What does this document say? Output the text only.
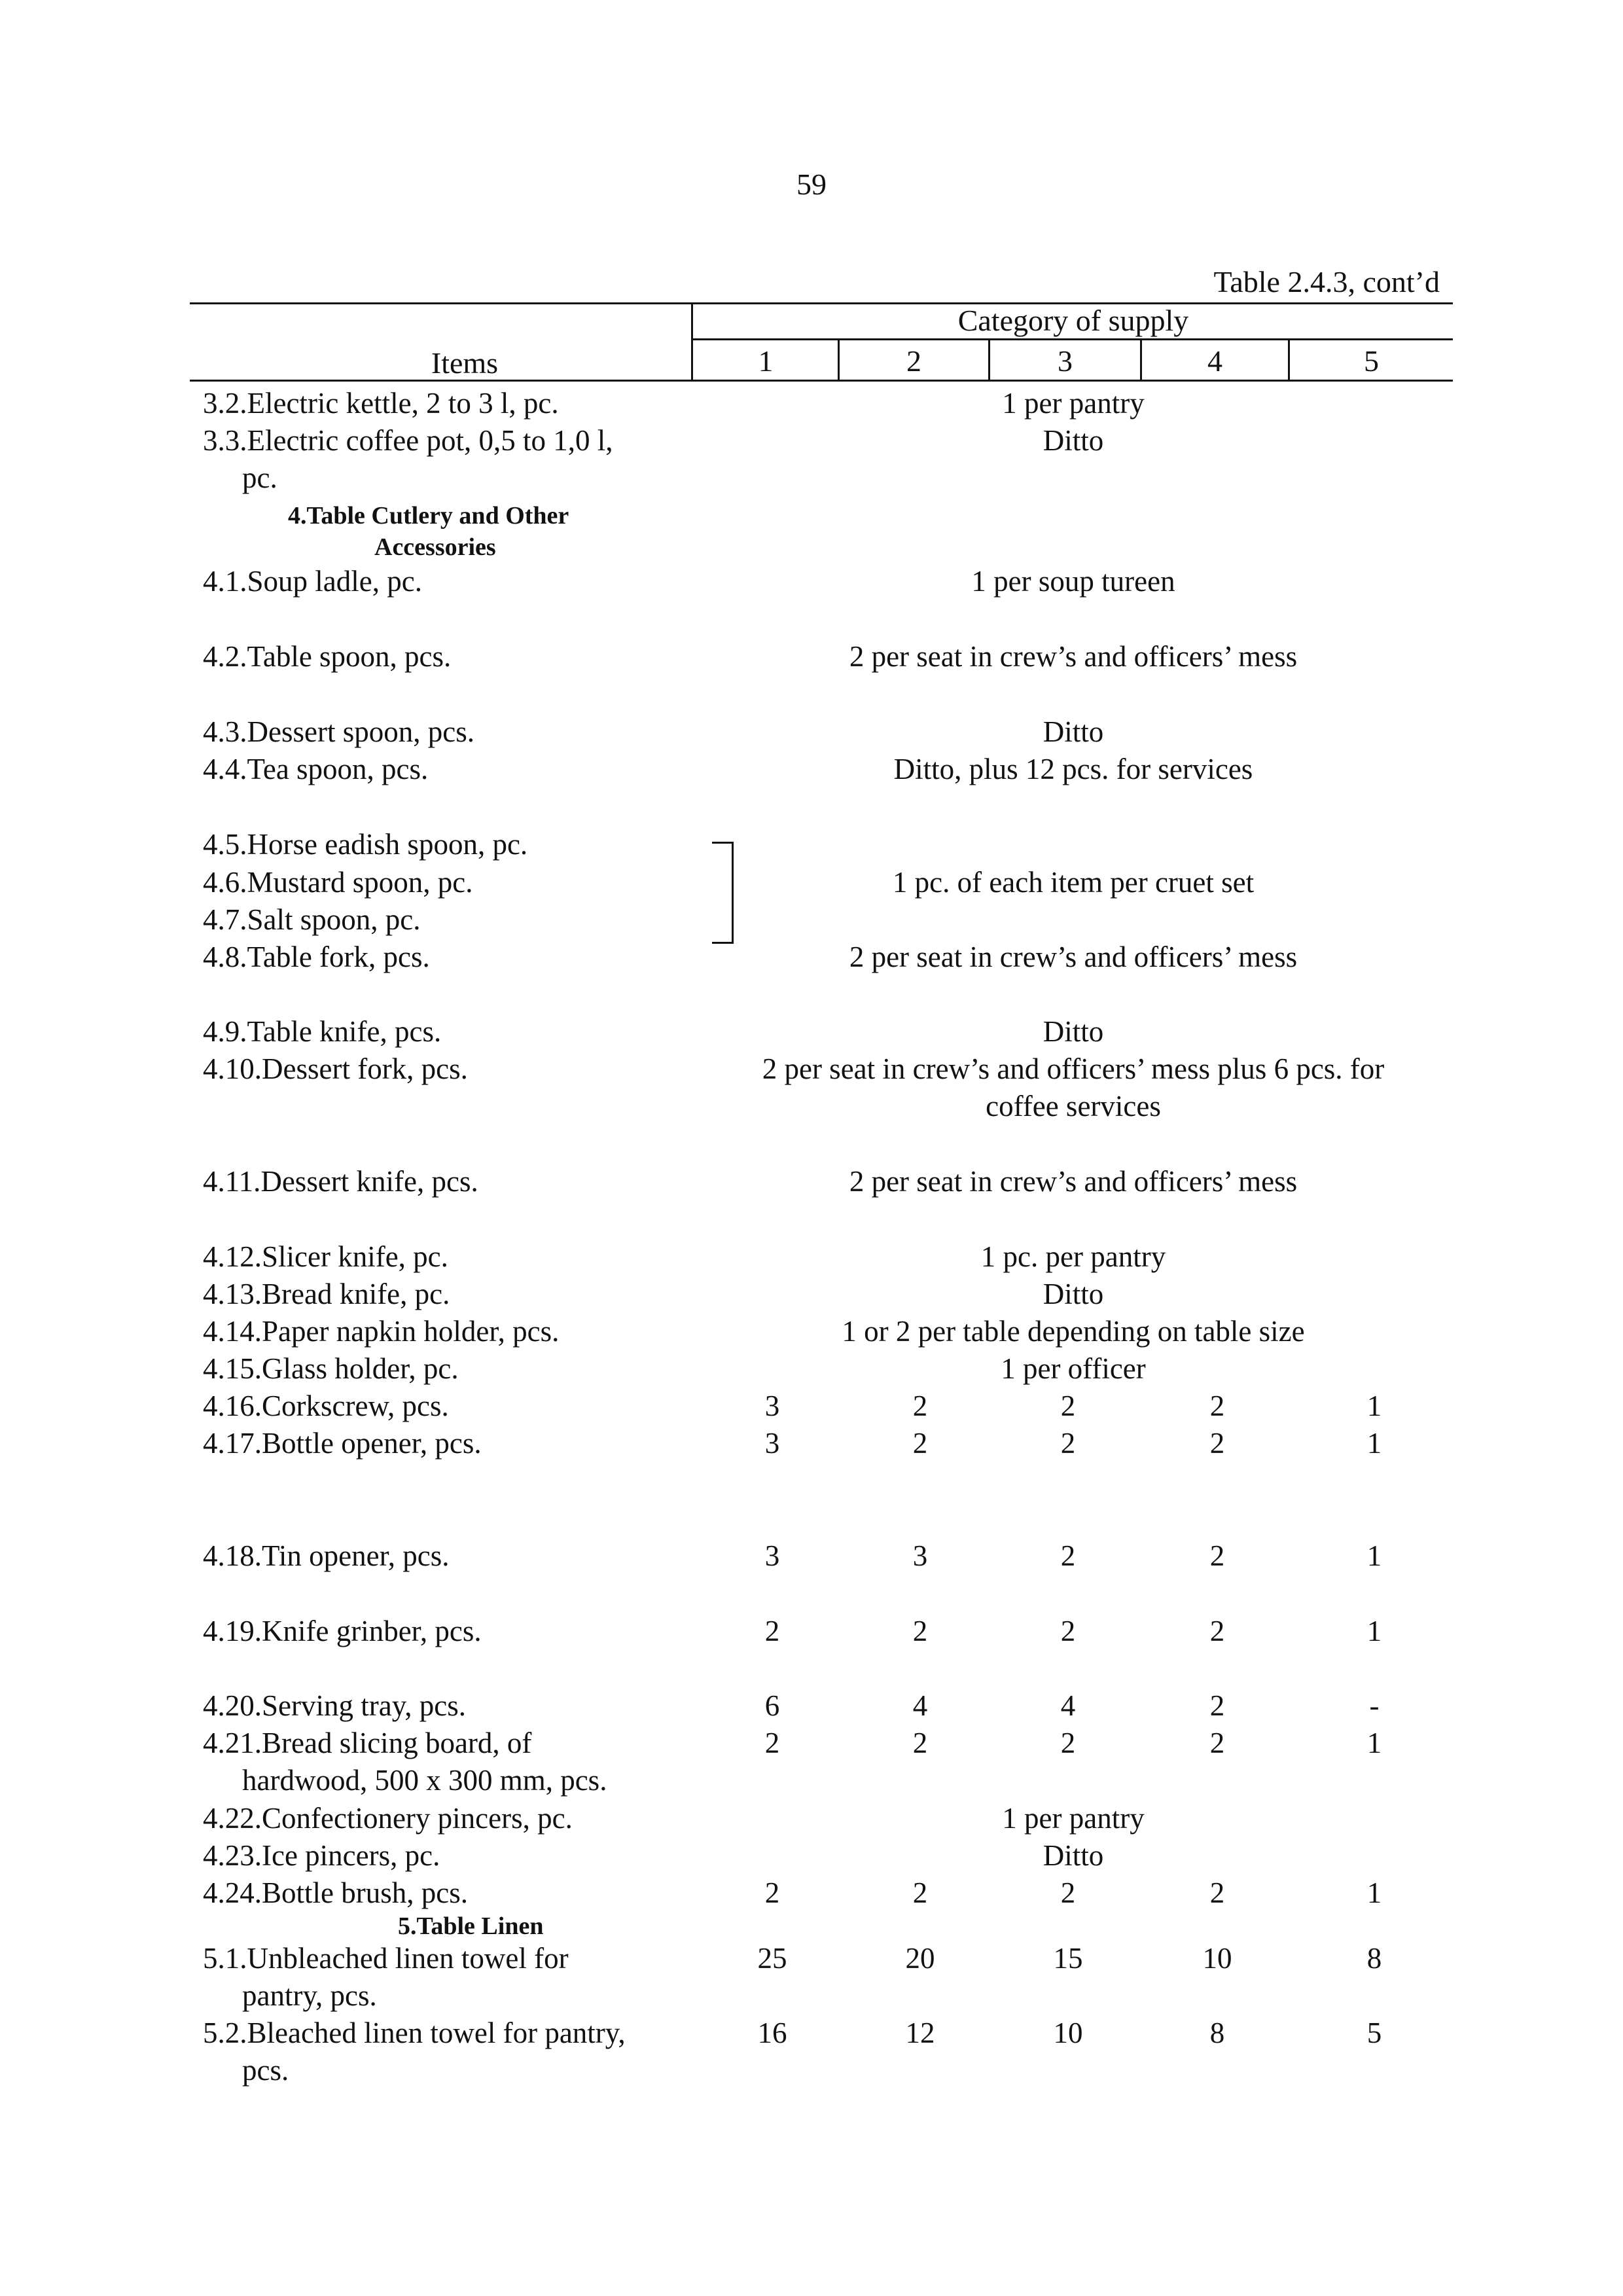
59
Table 2.4.3, cont’d
Items
Category of supply
1	2	3	4	5
3.2.Electric kettle, 2 to 3 l, pc.	1 per pantry
3.3.Electric coffee pot, 0,5 to 1,0 l,
pc.
Ditto
4.Table Cutlery and Other
Accessories
4.1.Soup ladle, pc.	1 per soup tureen
4.2.Table spoon, pcs.	2 per seat in crew’s and officers’ mess
4.3.Dessert spoon, pcs.	Ditto
4.4.Tea spoon, pcs.	Ditto, plus 12 pcs. for services
4.5.Horse eadish spoon, pc.
4.6.Mustard spoon, pc.
4.7.Salt spoon, pc.
1 pc. of each item per cruet set
4.8.Table fork, pcs.	2 per seat in crew’s and officers’ mess
4.9.Table knife, pcs.	Ditto
4.10.Dessert fork, pcs.	2 per seat in crew’s and officers’ mess plus 6 pcs. for
coffee services
4.11.Dessert knife, pcs.	2 per seat in crew’s and officers’ mess
4.12.Slicer knife, pc.	1 pc. per pantry
4.13.Bread knife, pc.	Ditto
4.14.Paper napkin holder, pcs.	1 or 2 per table depending on table size
4.15.Glass holder, pc.	1 per officer
4.16.Corkscrew, pcs.	3	2	2	2	1
4.17.Bottle opener, pcs.	3	2	2	2	1
4.18.Tin opener, pcs.	3	3	2	2	1
4.19.Knife grinber, pcs.	2	2	2	2	1
4.20.Serving tray, pcs.	6	4	4	2	-
4.21.Bread slicing board, of
hardwood, 500 x 300 mm, pcs.
2	2	2	2	1
4.22.Confectionery pincers, pc.	1 per pantry
4.23.Ice pincers, pc.	Ditto
4.24.Bottle brush, pcs.	2	2	2	2	1
5.Table Linen
5.1.Unbleached linen towel for
pantry, pcs.
25	20	15	10	8
5.2.Bleached linen towel for pantry,
pcs.
16	12	10	8	5
